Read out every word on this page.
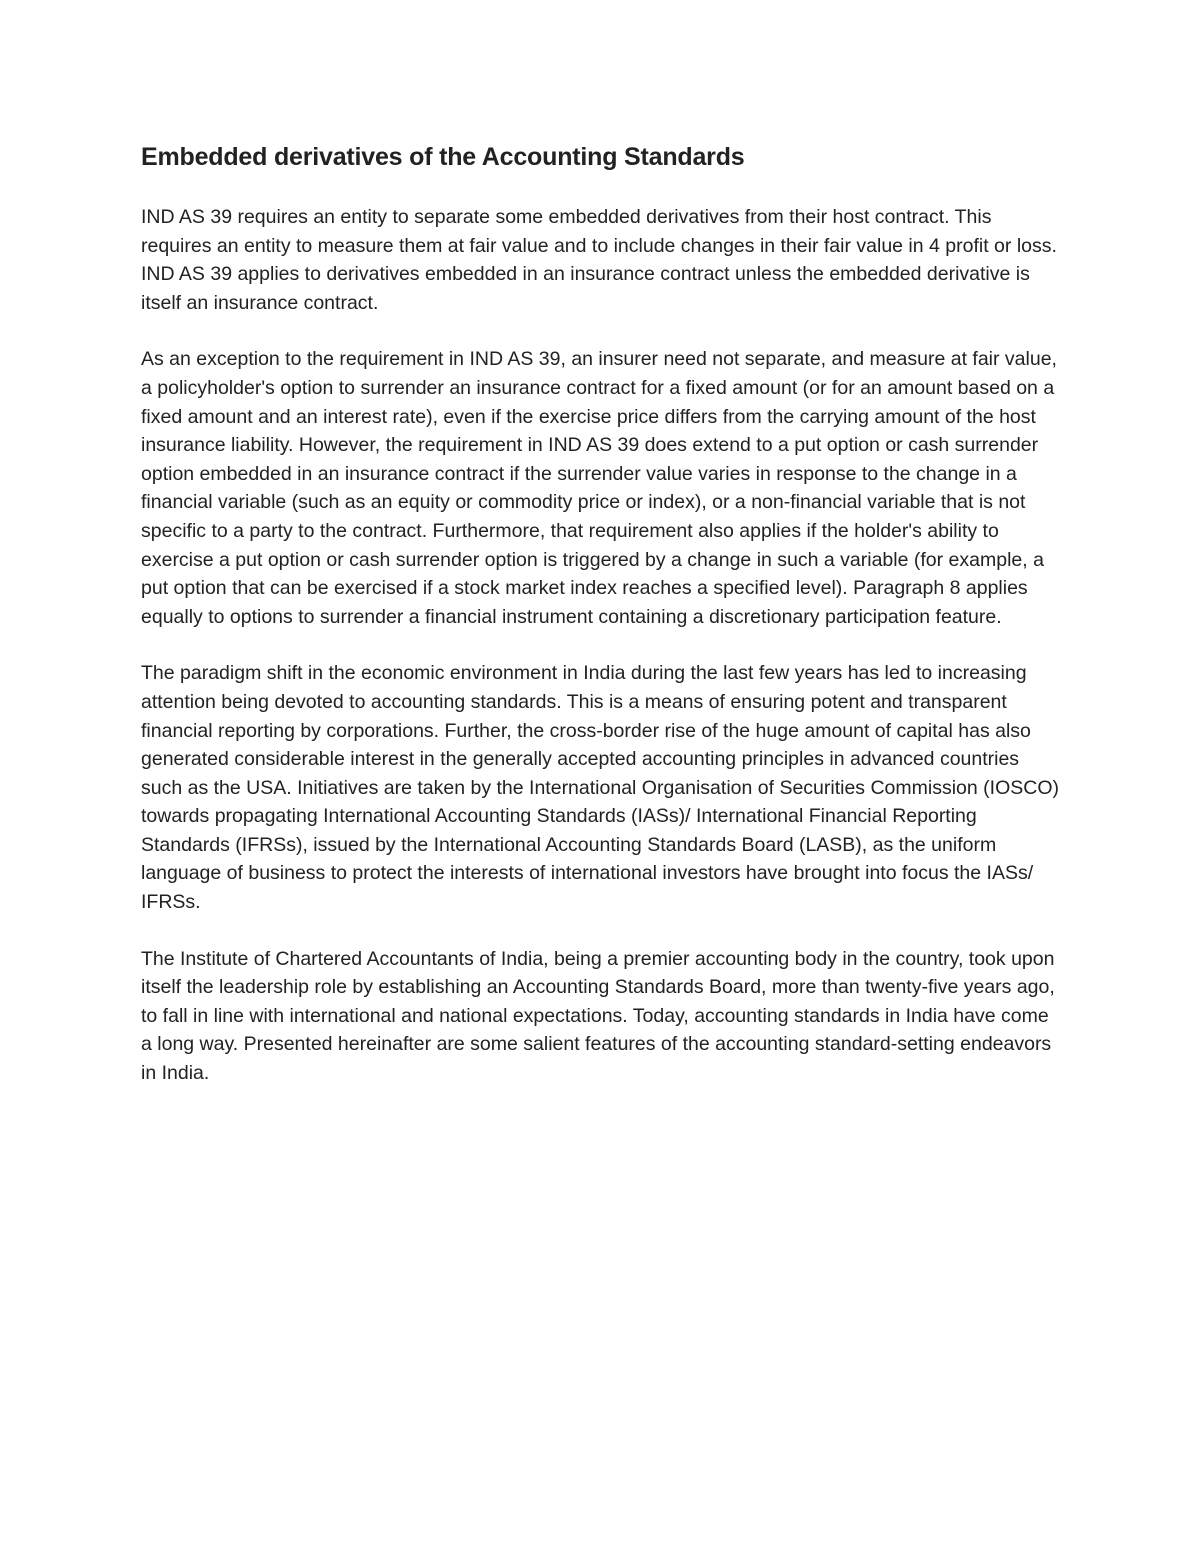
Embedded derivatives of the Accounting Standards

IND AS 39 requires an entity to separate some embedded derivatives from their host contract. This requires an entity to measure them at fair value and to include changes in their fair value in 4 profit or loss. IND AS 39 applies to derivatives embedded in an insurance contract unless the embedded derivative is itself an insurance contract.

As an exception to the requirement in IND AS 39, an insurer need not separate, and measure at fair value, a policyholder's option to surrender an insurance contract for a fixed amount (or for an amount based on a fixed amount and an interest rate), even if the exercise price differs from the carrying amount of the host insurance liability. However, the requirement in IND AS 39 does extend to a put option or cash surrender option embedded in an insurance contract if the surrender value varies in response to the change in a financial variable (such as an equity or commodity price or index), or a non-financial variable that is not specific to a party to the contract. Furthermore, that requirement also applies if the holder's ability to exercise a put option or cash surrender option is triggered by a change in such a variable (for example, a put option that can be exercised if a stock market index reaches a specified level). Paragraph 8 applies equally to options to surrender a financial instrument containing a discretionary participation feature.

The paradigm shift in the economic environment in India during the last few years has led to increasing attention being devoted to accounting standards. This is a means of ensuring potent and transparent financial reporting by corporations. Further, the cross-border rise of the huge amount of capital has also generated considerable interest in the generally accepted accounting principles in advanced countries such as the USA. Initiatives are taken by the International Organisation of Securities Commission (IOSCO) towards propagating International Accounting Standards (IASs)/ International Financial Reporting Standards (IFRSs), issued by the International Accounting Standards Board (LASB), as the uniform language of business to protect the interests of international investors have brought into focus the IASs/ IFRSs.

The Institute of Chartered Accountants of India, being a premier accounting body in the country, took upon itself the leadership role by establishing an Accounting Standards Board, more than twenty-five years ago, to fall in line with international and national expectations. Today, accounting standards in India have come a long way. Presented hereinafter are some salient features of the accounting standard-setting endeavors in India.
